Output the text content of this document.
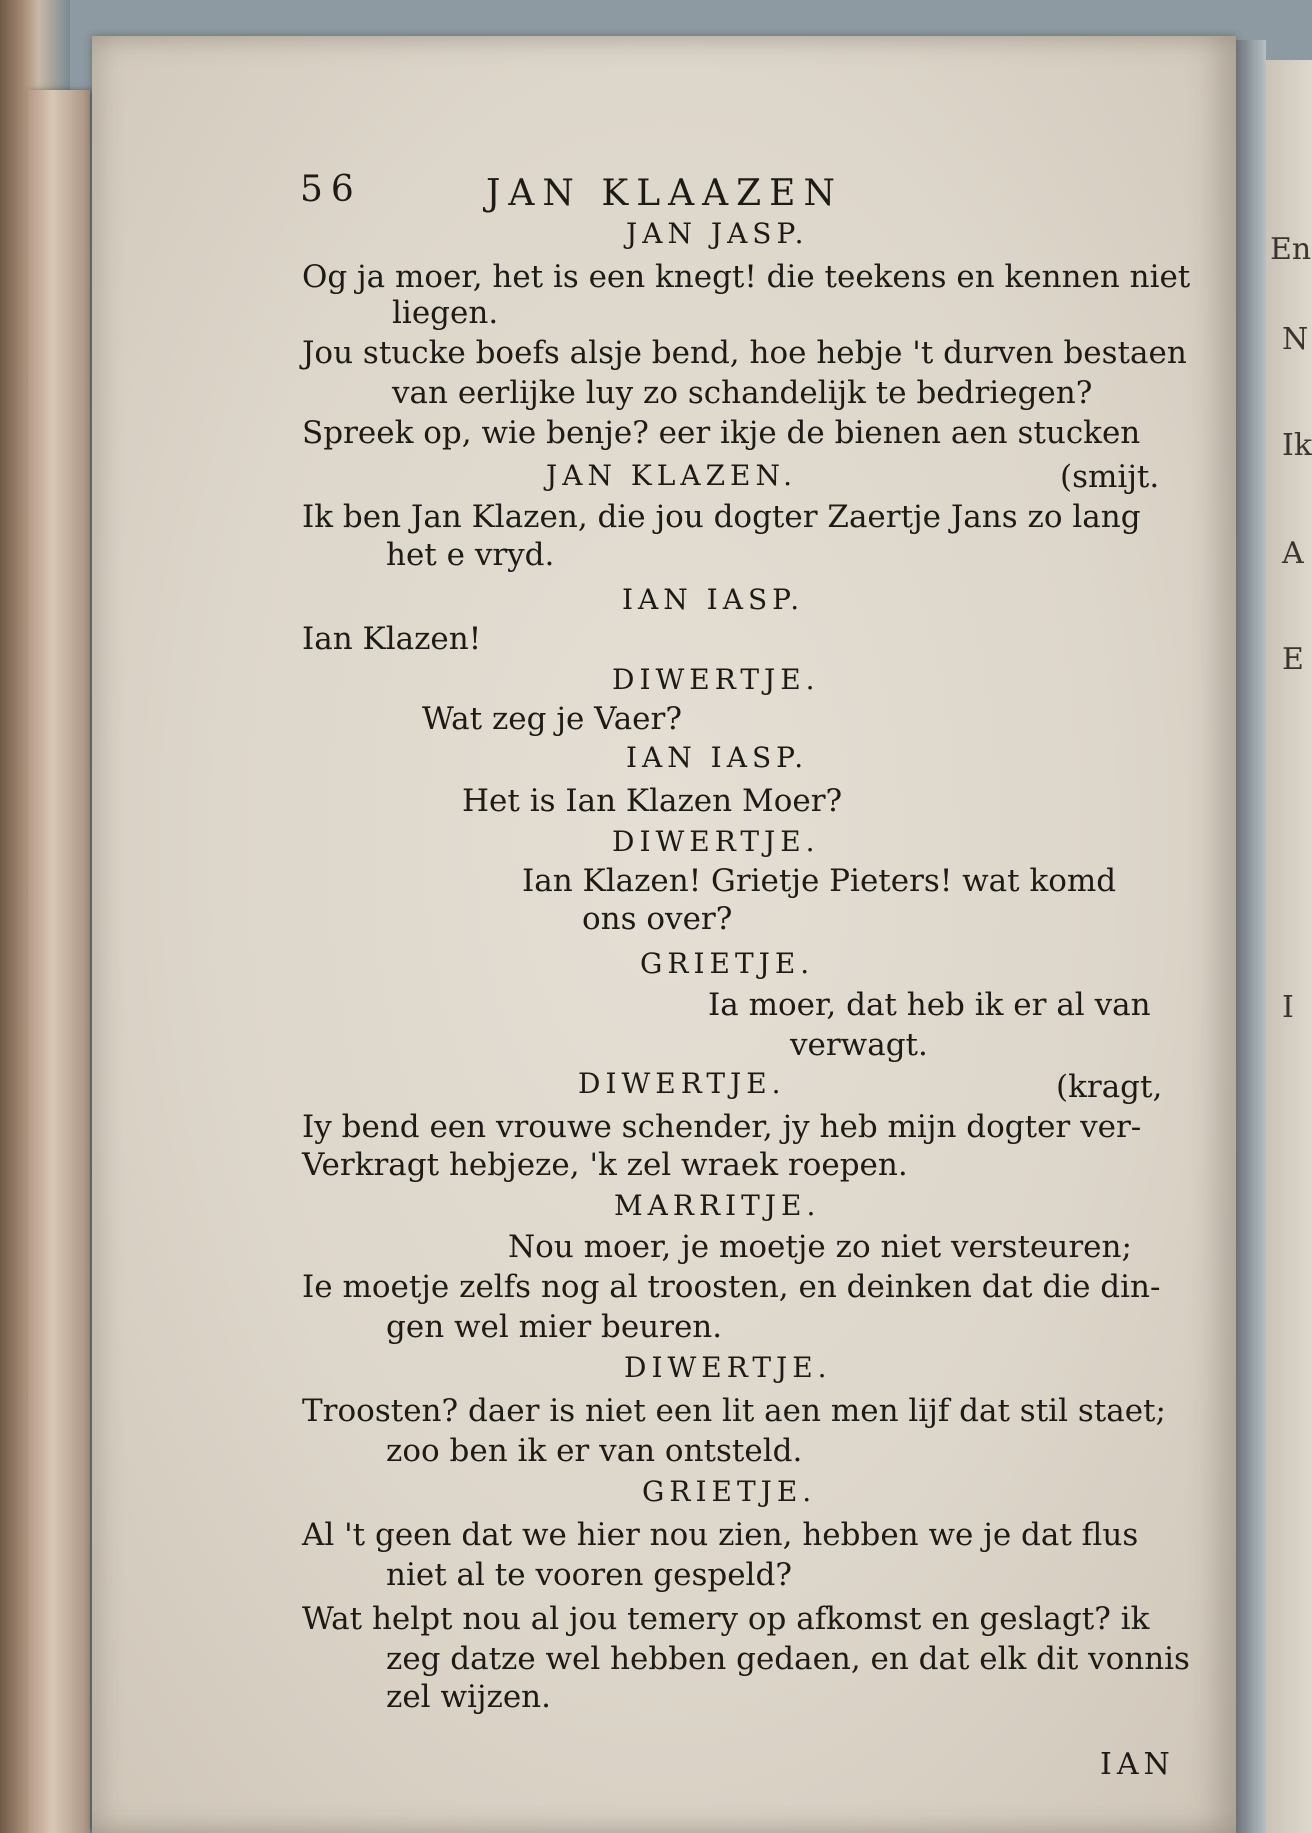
En
N
Ik
A
E
I
56	JAN KLAAZEN
JAN JASP.
Og ja moer, het is een knegt! die teekens en kennen niet
liegen.
Jou stucke boefs alsje bend, hoe hebje 't durven bestaen
van eerlijke luy zo schandelijk te bedriegen?
Spreek op, wie benje? eer ikje de bienen aen stucken
JAN KLAZEN.	(smijt.
Ik ben Jan Klazen, die jou dogter Zaertje Jans zo lang
het e vryd.
IAN IASP.
Ian Klazen!
DIWERTJE.
Wat zeg je Vaer?
IAN IASP.
Het is Ian Klazen Moer?
DIWERTJE.
Ian Klazen! Grietje Pieters! wat komd
ons over?
GRIETJE.
Ia moer, dat heb ik er al van
verwagt.
DIWERTJE.	(kragt,
Iy bend een vrouwe schender, jy heb mijn dogter ver-
Verkragt hebjeze, 'k zel wraek roepen.
MARRITJE.
Nou moer, je moetje zo niet versteuren;
Ie moetje zelfs nog al troosten, en deinken dat die din-
gen wel mier beuren.
DIWERTJE.
Troosten? daer is niet een lit aen men lijf dat stil staet;
zoo ben ik er van ontsteld.
GRIETJE.
Al 't geen dat we hier nou zien, hebben we je dat flus
niet al te vooren gespeld?
Wat helpt nou al jou temery op afkomst en geslagt? ik
zeg datze wel hebben gedaen, en dat elk dit vonnis
zel wijzen.
IAN
